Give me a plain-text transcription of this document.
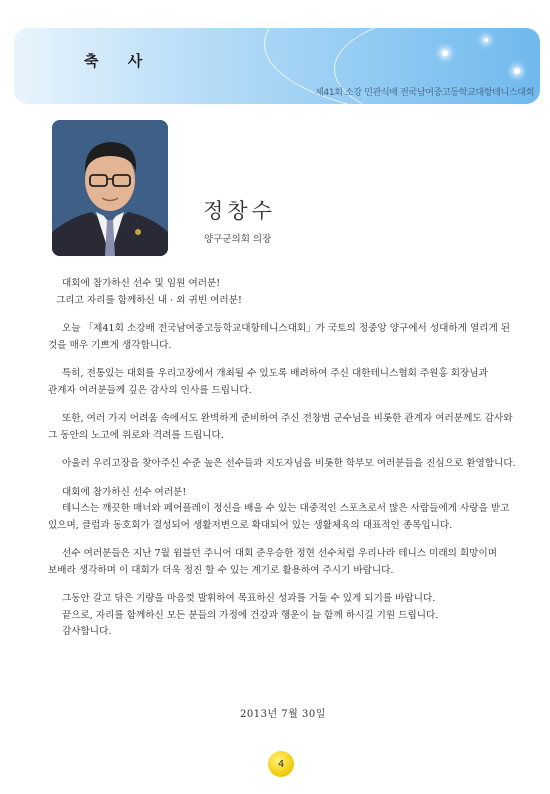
축 사
제41회 소강 민관식배 전국남여중고등학교대항테니스대회
정창수
양구군의회 의장

대회에 참가하신 선수 및 임원 여러분!
그리고 자리를 함께하신 내 · 외 귀빈 여러분!

오늘 「제41회 소강배 전국남여중고등학교대항테니스대회」가 국토의 정중앙 양구에서 성대하게 열리게 된 것을 매우 기쁘게 생각합니다.

특히, 전통있는 대회를 우리고장에서 개최될 수 있도록 배려하여 주신 대한테니스협회 주원홍 회장님과 관계자 여러분들께 깊은 감사의 인사를 드립니다.

또한, 여러 가지 어려움 속에서도 완벽하게 준비하여 주신 전창범 군수님을 비롯한 관계자 여러분께도 감사와 그 동안의 노고에 위로와 격려를 드립니다.

아울러 우리고장을 찾아주신 수준 높은 선수들과 지도자님을 비롯한 학부모 여러분들을 진심으로 환영합니다.

대회에 참가하신 선수 여러분!
테니스는 깨끗한 매너와 페어플레이 정신을 배울 수 있는 대중적인 스포츠로서 많은 사람들에게 사랑을 받고 있으며, 클럽과 동호회가 결성되어 생활저변으로 확대되어 있는 생활체육의 대표적인 종목입니다.

선수 여러분들은 지난 7월 윔블던 주니어 대회 준우승한 정현 선수처럼 우리나라 테니스 미래의 희망이며 보배라 생각하며 이 대회가 더욱 정진 할 수 있는 계기로 활용하여 주시기 바랍니다.

그동안 갈고 닦은 기량을 마음껏 발휘하여 목표하신 성과를 거둘 수 있게 되기를 바랍니다.
끝으로, 자리를 함께하신 모든 분들의 가정에 건강과 행운이 늘 함께 하시길 기원 드립니다.
감사합니다.

2013년 7월 30일
4
